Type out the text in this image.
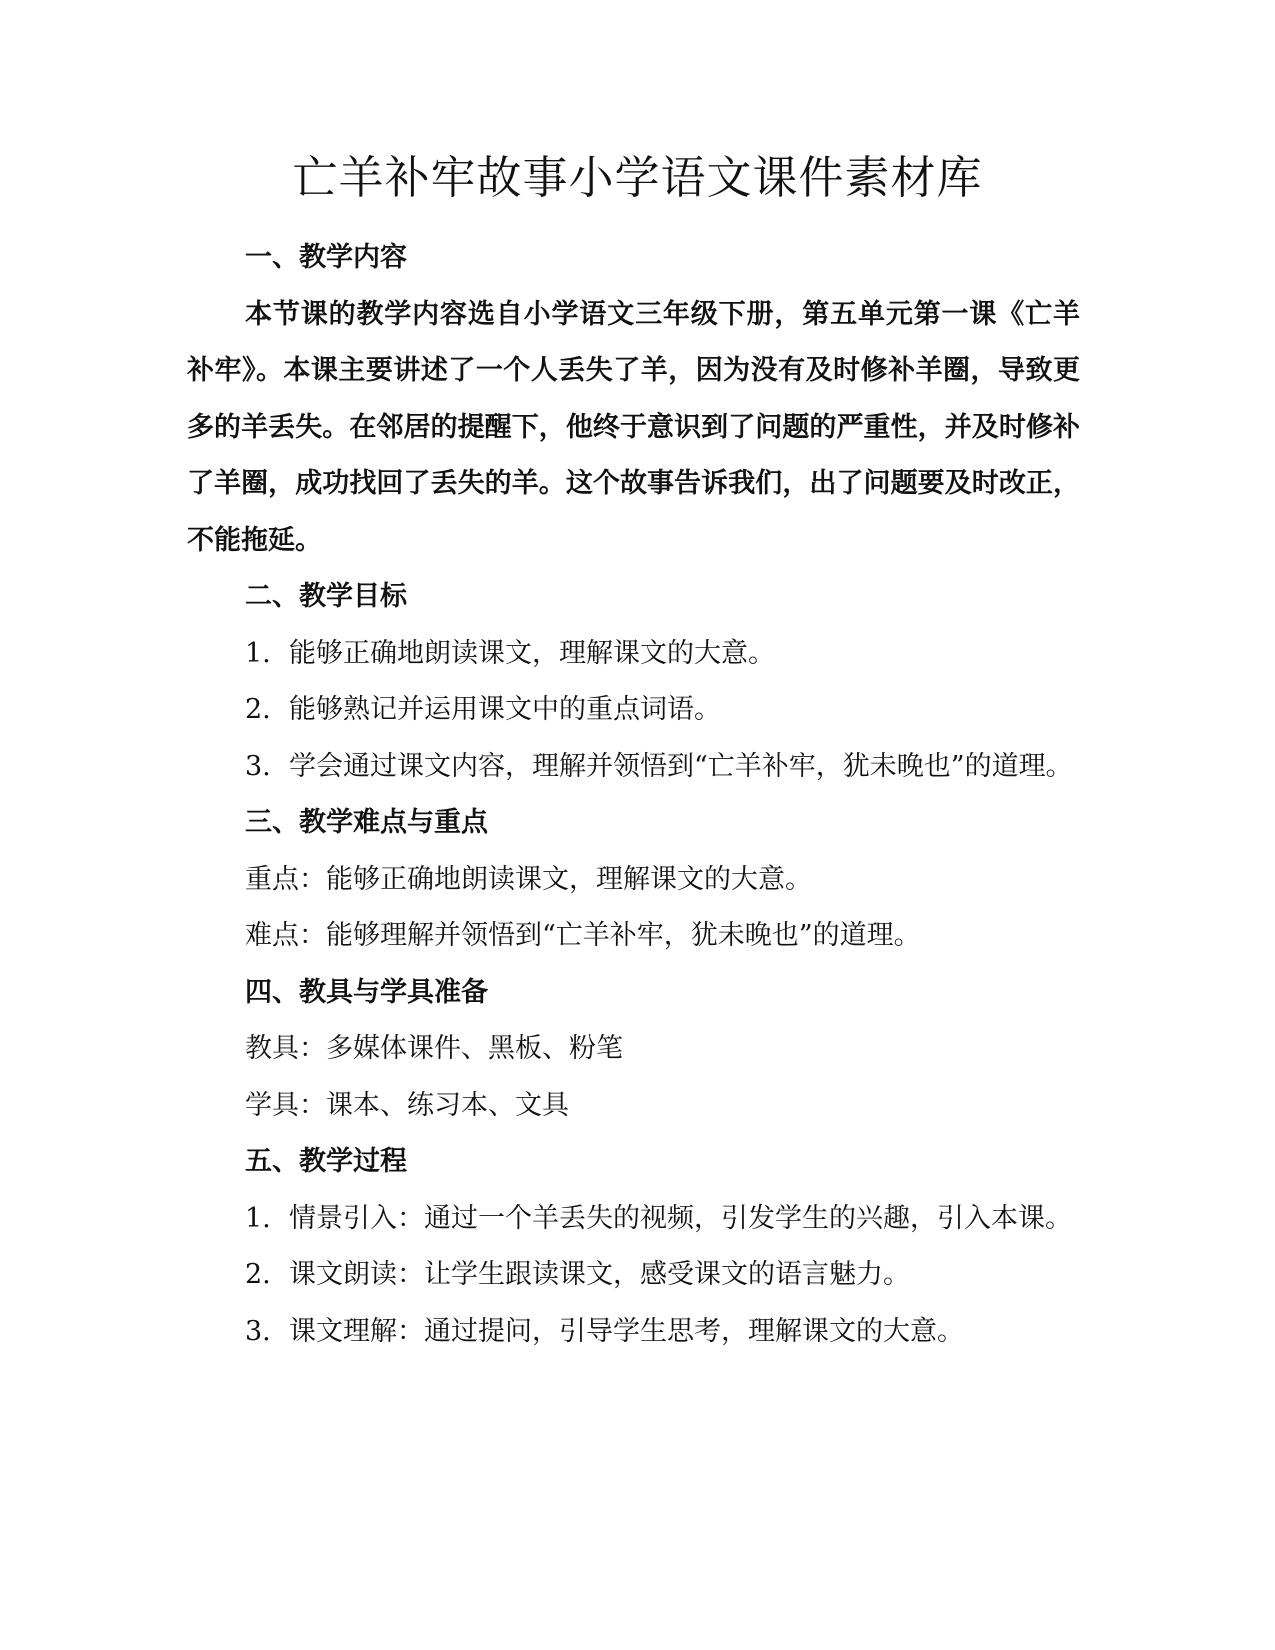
亡羊补牢故事小学语文课件素材库

一、教学内容

本节课的教学内容选自小学语文三年级下册，第五单元第一课《亡羊补牢》。本课主要讲述了一个人丢失了羊，因为没有及时修补羊圈，导致更多的羊丢失。在邻居的提醒下，他终于意识到了问题的严重性，并及时修补了羊圈，成功找回了丢失的羊。这个故事告诉我们，出了问题要及时改正，不能拖延。

二、教学目标

1. 能够正确地朗读课文，理解课文的大意。

2. 能够熟记并运用课文中的重点词语。

3. 学会通过课文内容，理解并领悟到“亡羊补牢，犹未晚也”的道理。

三、教学难点与重点

重点：能够正确地朗读课文，理解课文的大意。

难点：能够理解并领悟到“亡羊补牢，犹未晚也”的道理。

四、教具与学具准备

教具：多媒体课件、黑板、粉笔

学具：课本、练习本、文具

五、教学过程

1. 情景引入：通过一个羊丢失的视频，引发学生的兴趣，引入本课。

2. 课文朗读：让学生跟读课文，感受课文的语言魅力。

3. 课文理解：通过提问，引导学生思考，理解课文的大意。
